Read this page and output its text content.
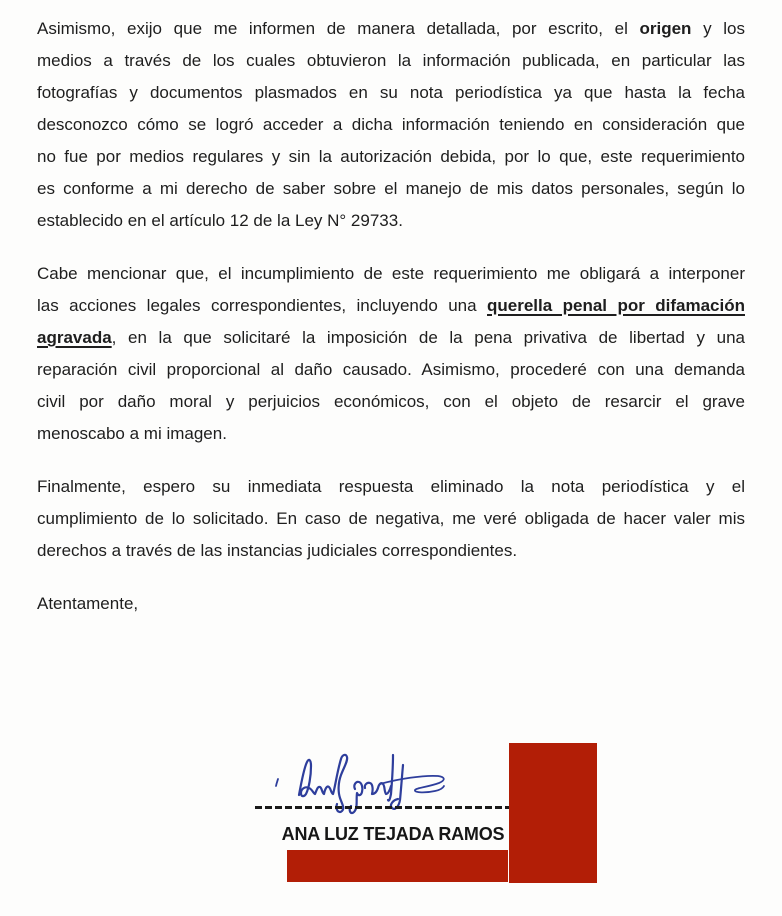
Asimismo, exijo que me informen de manera detallada, por escrito, el origen y los
medios a través de los cuales obtuvieron la información publicada, en particular las
fotografías y documentos plasmados en su nota periodística ya que hasta la fecha
desconozco cómo se logró acceder a dicha información teniendo en consideración que
no fue por medios regulares y sin la autorización debida, por lo que, este requerimiento
es conforme a mi derecho de saber sobre el manejo de mis datos personales, según lo
establecido en el artículo 12 de la Ley N° 29733.
Cabe mencionar que, el incumplimiento de este requerimiento me obligará a interponer
las acciones legales correspondientes, incluyendo una querella penal por difamación
agravada, en la que solicitaré la imposición de la pena privativa de libertad y una
reparación civil proporcional al daño causado. Asimismo, procederé con una demanda
civil por daño moral y perjuicios económicos, con el objeto de resarcir el grave
menoscabo a mi imagen.
Finalmente, espero su inmediata respuesta eliminado la nota periodística y el
cumplimiento de lo solicitado. En caso de negativa, me veré obligada de hacer valer mis
derechos a través de las instancias judiciales correspondientes.
Atentamente,
ANA LUZ TEJADA RAMOS
